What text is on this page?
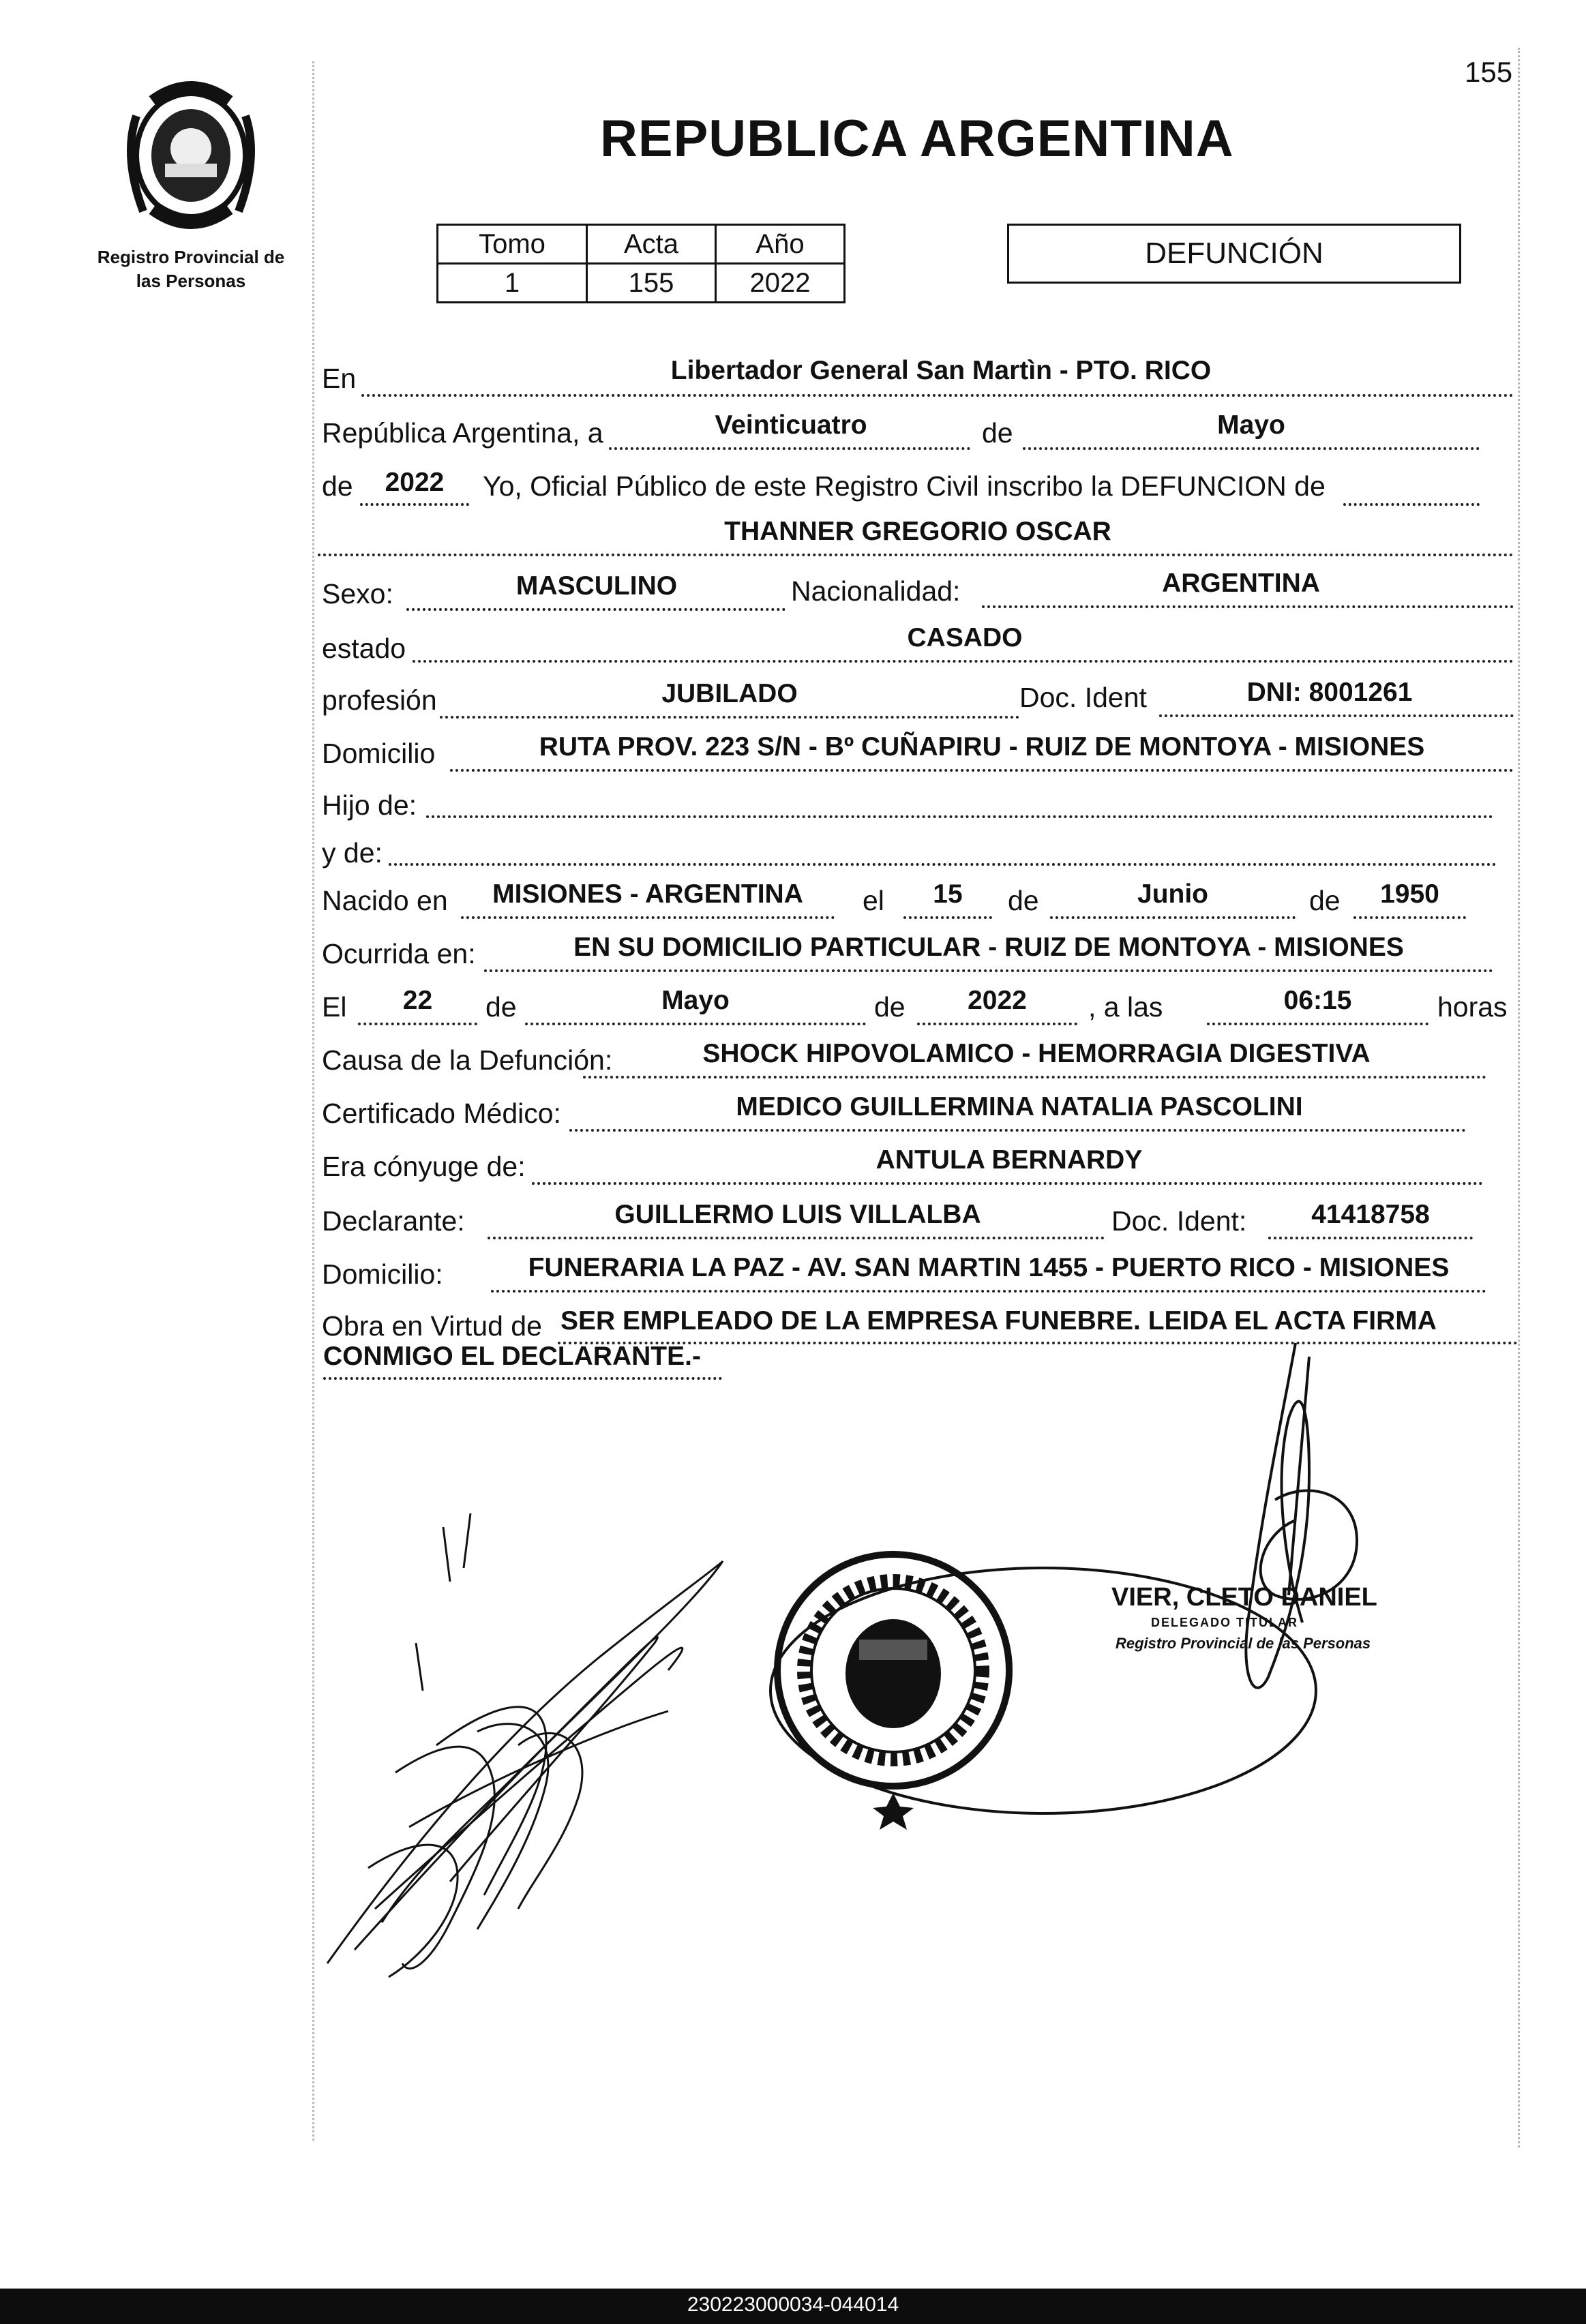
155
Registro Provincial de
las Personas
REPUBLICA ARGENTINA
Tomo	Acta	Año
1	155	2022
DEFUNCIÓN
En	Libertador General San Martìn - PTO. RICO
República Argentina, a	Veinticuatro	de	Mayo
de	2022	Yo, Oficial Público de este Registro Civil inscribo la DEFUNCION de
THANNER GREGORIO OSCAR
Sexo:	MASCULINO	Nacionalidad:	ARGENTINA
estado	CASADO
profesión	JUBILADO	Doc. Ident	DNI: 8001261
Domicilio	RUTA PROV. 223 S/N - Bº CUÑAPIRU - RUIZ DE MONTOYA - MISIONES
Hijo de:
y de:
Nacido en	MISIONES - ARGENTINA	el	15	de	Junio	de	1950
Ocurrida en:	EN SU DOMICILIO PARTICULAR - RUIZ DE MONTOYA - MISIONES
El	22	de	Mayo	de	2022	, a las	06:15	horas
Causa de la Defunción:	SHOCK HIPOVOLAMICO - HEMORRAGIA DIGESTIVA
Certificado Médico:	MEDICO GUILLERMINA NATALIA PASCOLINI
Era cónyuge de:	ANTULA BERNARDY
Declarante:	GUILLERMO LUIS VILLALBA	Doc. Ident:	41418758
Domicilio:	FUNERARIA LA PAZ - AV. SAN MARTIN 1455 - PUERTO RICO - MISIONES
Obra en Virtud de SER EMPLEADO DE LA EMPRESA FUNEBRE. LEIDA EL ACTA FIRMA
CONMIGO EL DECLARANTE.-
VIER, CLETO DANIEL
DELEGADO TITULAR
Registro Provincial de las Personas
230223000034-044014
